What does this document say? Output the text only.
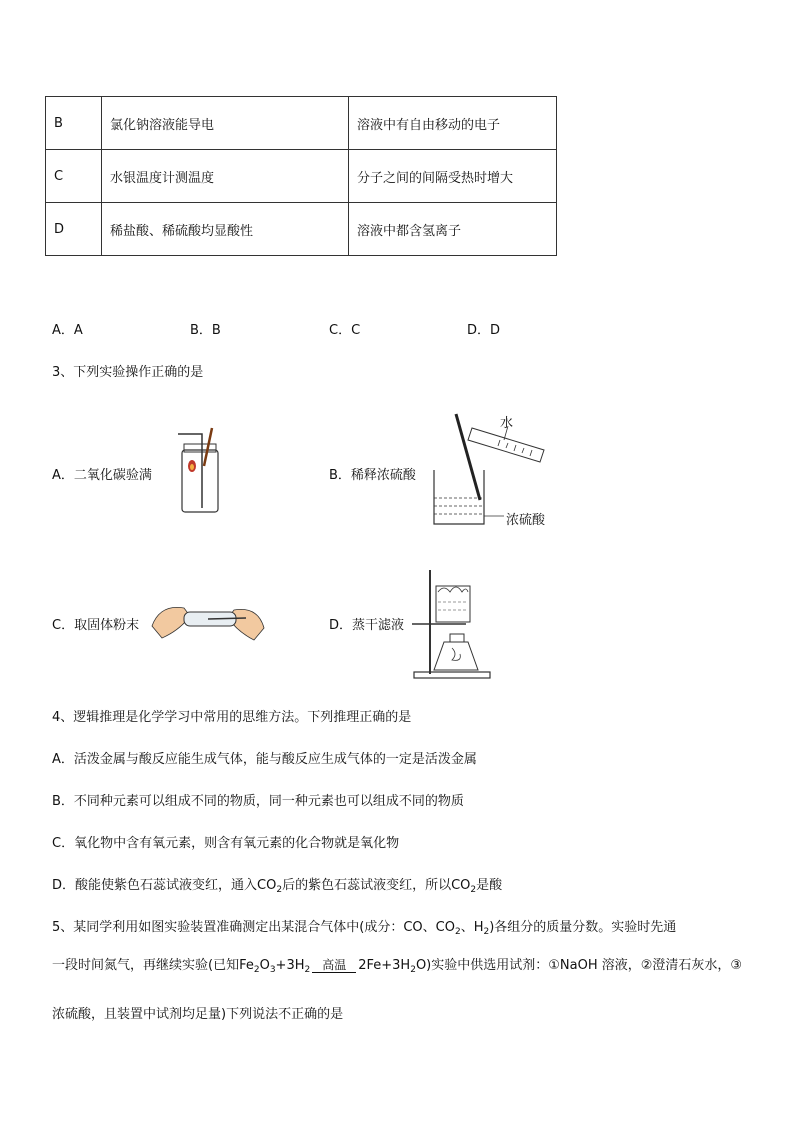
B	氯化钠溶液能导电	溶液中有自由移动的电子
C	水银温度计测温度	分子之间的间隔受热时增大
D	稀盐酸、稀硫酸均显酸性	溶液中都含氢离子
A．A	B．B	C．C	D．D
3、下列实验操作正确的是
A．二氧化碳验满	B．稀释浓硫酸
水
浓硫酸
C．取固体粉末	D．蒸干滤液
4、逻辑推理是化学学习中常用的思维方法。下列推理正确的是
A．活泼金属与酸反应能生成气体，能与酸反应生成气体的一定是活泼金属
B．不同种元素可以组成不同的物质，同一种元素也可以组成不同的物质
C．氧化物中含有氧元素，则含有氧元素的化合物就是氧化物
D．酸能使紫色石蕊试液变红，通入$CO_2$后的紫色石蕊试液变红，所以$CO_2$是酸
5、某同学利用如图实验装置准确测定出某混合气体中(成分：CO、$CO_2$、$H_2$)各组分的质量分数。实验时先通
一段时间氮气，再继续实验(已知$Fe_2O_3+3H_2$ 高温 $2Fe+3H_2O$)实验中供选用试剂：①NaOH 溶液，②澄清石灰水，③
浓硫酸，且装置中试剂均足量)下列说法不正确的是
